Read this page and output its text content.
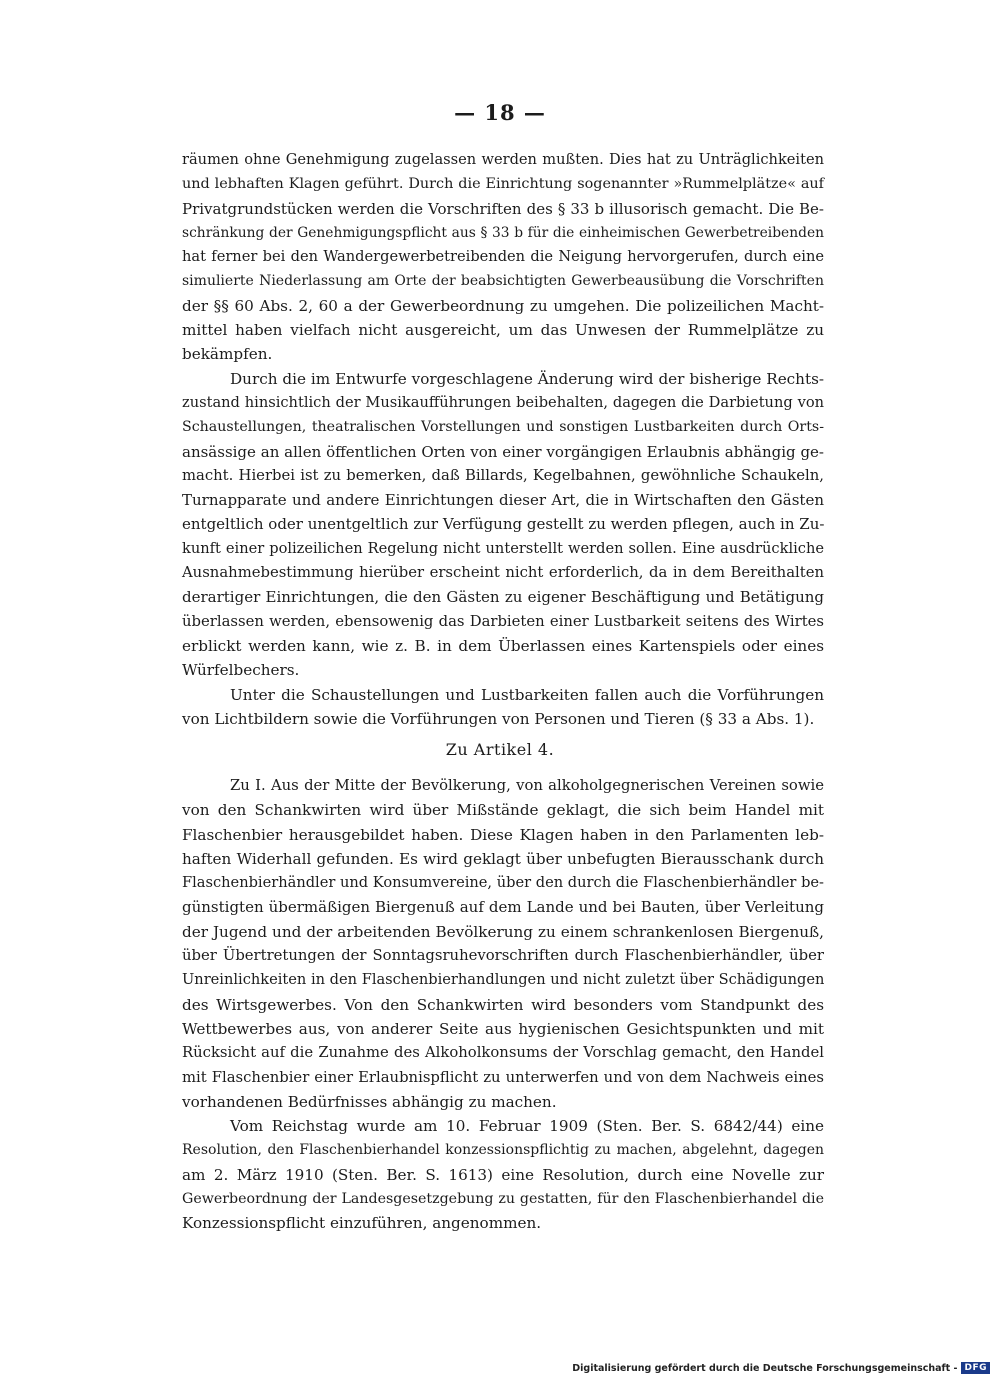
— 18 —
räumen ohne Genehmigung zugelassen werden mußten. Dies hat zu Unträglichkeiten
und lebhaften Klagen geführt. Durch die Einrichtung sogenannter »Rummelplätze« auf
Privatgrundstücken werden die Vorschriften des § 33 b illusorisch gemacht. Die Be-
schränkung der Genehmigungspflicht aus § 33 b für die einheimischen Gewerbetreibenden
hat ferner bei den Wandergewerbetreibenden die Neigung hervorgerufen, durch eine
simulierte Niederlassung am Orte der beabsichtigten Gewerbeausübung die Vorschriften
der §§ 60 Abs. 2, 60 a der Gewerbeordnung zu umgehen. Die polizeilichen Macht-
mittel haben vielfach nicht ausgereicht, um das Unwesen der Rummelplätze zu
bekämpfen.
Durch die im Entwurfe vorgeschlagene Änderung wird der bisherige Rechts-
zustand hinsichtlich der Musikaufführungen beibehalten, dagegen die Darbietung von
Schaustellungen, theatralischen Vorstellungen und sonstigen Lustbarkeiten durch Orts-
ansässige an allen öffentlichen Orten von einer vorgängigen Erlaubnis abhängig ge-
macht. Hierbei ist zu bemerken, daß Billards, Kegelbahnen, gewöhnliche Schaukeln,
Turnapparate und andere Einrichtungen dieser Art, die in Wirtschaften den Gästen
entgeltlich oder unentgeltlich zur Verfügung gestellt zu werden pflegen, auch in Zu-
kunft einer polizeilichen Regelung nicht unterstellt werden sollen. Eine ausdrückliche
Ausnahmebestimmung hierüber erscheint nicht erforderlich, da in dem Bereithalten
derartiger Einrichtungen, die den Gästen zu eigener Beschäftigung und Betätigung
überlassen werden, ebensowenig das Darbieten einer Lustbarkeit seitens des Wirtes
erblickt werden kann, wie z. B. in dem Überlassen eines Kartenspiels oder eines
Würfelbechers.
Unter die Schaustellungen und Lustbarkeiten fallen auch die Vorführungen
von Lichtbildern sowie die Vorführungen von Personen und Tieren (§ 33 a Abs. 1).
Zu Artikel 4.
Zu I. Aus der Mitte der Bevölkerung, von alkoholgegnerischen Vereinen sowie
von den Schankwirten wird über Mißstände geklagt, die sich beim Handel mit
Flaschenbier herausgebildet haben. Diese Klagen haben in den Parlamenten leb-
haften Widerhall gefunden. Es wird geklagt über unbefugten Bierausschank durch
Flaschenbierhändler und Konsumvereine, über den durch die Flaschenbierhändler be-
günstigten übermäßigen Biergenuß auf dem Lande und bei Bauten, über Verleitung
der Jugend und der arbeitenden Bevölkerung zu einem schrankenlosen Biergenuß,
über Übertretungen der Sonntagsruhevorschriften durch Flaschenbierhändler, über
Unreinlichkeiten in den Flaschenbierhandlungen und nicht zuletzt über Schädigungen
des Wirtsgewerbes. Von den Schankwirten wird besonders vom Standpunkt des
Wettbewerbes aus, von anderer Seite aus hygienischen Gesichtspunkten und mit
Rücksicht auf die Zunahme des Alkoholkonsums der Vorschlag gemacht, den Handel
mit Flaschenbier einer Erlaubnispflicht zu unterwerfen und von dem Nachweis eines
vorhandenen Bedürfnisses abhängig zu machen.
Vom Reichstag wurde am 10. Februar 1909 (Sten. Ber. S. 6842/44) eine
Resolution, den Flaschenbierhandel konzessionspflichtig zu machen, abgelehnt, dagegen
am 2. März 1910 (Sten. Ber. S. 1613) eine Resolution, durch eine Novelle zur
Gewerbeordnung der Landesgesetzgebung zu gestatten, für den Flaschenbierhandel die
Konzessionspflicht einzuführen, angenommen.
Digitalisierung gefördert durch die Deutsche Forschungsgemeinschaft - DFG
